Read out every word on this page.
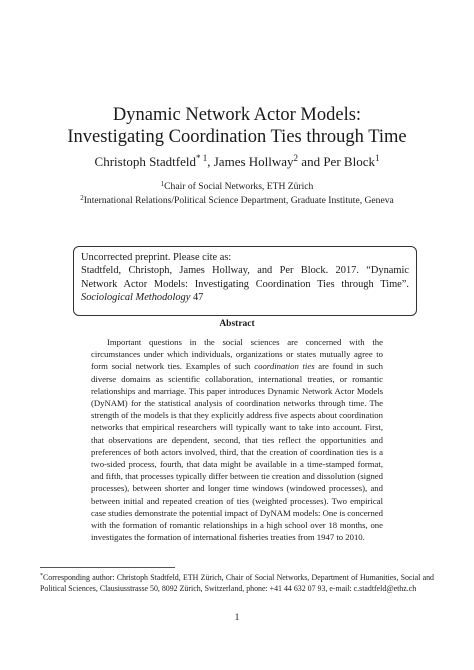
Dynamic Network Actor Models:
Investigating Coordination Ties through Time
Christoph Stadtfeld$^{* 1}$, James Hollway$^2$ and Per Block$^1$
$^1$Chair of Social Networks, ETH Zürich
$^2$International Relations/Political Science Department, Graduate Institute, Geneva

Uncorrected preprint. Please cite as:

Stadtfeld, Christoph, James Hollway, and Per Block. 2017. “Dynamic Network Actor Models: Investigating Coordination Ties through Time”. Sociological Methodology 47

Abstract

Important questions in the social sciences are concerned with the circumstances under which individuals, organizations or states mutually agree to form social network ties. Examples of such coordination ties are found in such diverse domains as scientific collaboration, international treaties, or romantic relationships and marriage. This paper introduces Dynamic Network Actor Models (DyNAM) for the statistical analysis of coordination networks through time. The strength of the models is that they explicitly address five aspects about coordination networks that empirical researchers will typically want to take into account. First, that observations are dependent, second, that ties reflect the opportunities and preferences of both actors involved, third, that the creation of coordination ties is a two-sided process, fourth, that data might be available in a time-stamped format, and fifth, that processes typically differ between tie creation and dissolution (signed processes), between shorter and longer time windows (windowed processes), and between initial and repeated creation of ties (weighted processes). Two empirical case studies demonstrate the potential impact of DyNAM models: One is concerned with the formation of romantic relationships in a high school over 18 months, one investigates the formation of international fisheries treaties from 1947 to 2010.

*Corresponding author: Christoph Stadtfeld, ETH Zürich, Chair of Social Networks, Department of Humanities, Social and Political Sciences, Clausiusstrasse 50, 8092 Zürich, Switzerland, phone: +41 44 632 07 93, e-mail: c.stadtfeld@ethz.ch

1
